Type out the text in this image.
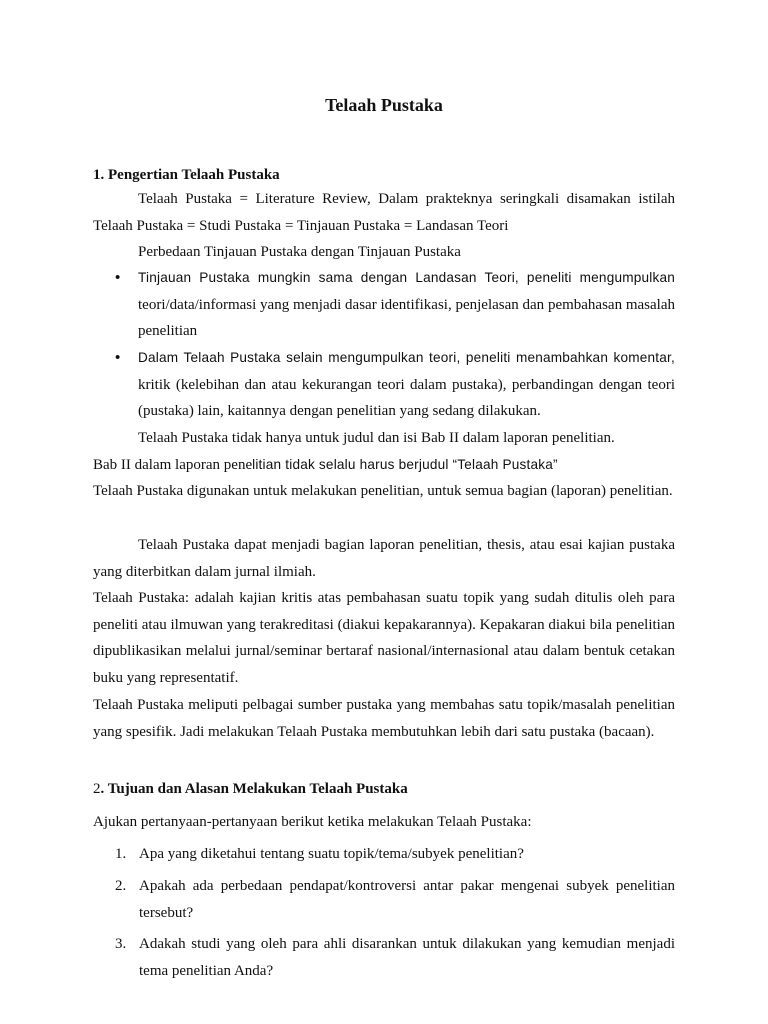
Telaah Pustaka
1. Pengertian Telaah Pustaka
Telaah Pustaka = Literature Review, Dalam prakteknya seringkali disamakan istilah Telaah Pustaka = Studi Pustaka = Tinjauan Pustaka = Landasan Teori
Perbedaan Tinjauan Pustaka dengan Tinjauan Pustaka
• Tinjauan Pustaka mungkin sama dengan Landasan Teori, peneliti mengumpulkan teori/data/informasi yang menjadi dasar identifikasi, penjelasan dan pembahasan masalah penelitian
• Dalam Telaah Pustaka selain mengumpulkan teori, peneliti menambahkan komentar, kritik (kelebihan dan atau kekurangan teori dalam pustaka), perbandingan dengan teori (pustaka) lain, kaitannya dengan penelitian yang sedang dilakukan.
Telaah Pustaka tidak hanya untuk judul dan isi Bab II dalam laporan penelitian.
Bab II dalam laporan penelitian tidak selalu harus berjudul “Telaah Pustaka”
Telaah Pustaka digunakan untuk melakukan penelitian, untuk semua bagian (laporan) penelitian.
Telaah Pustaka dapat menjadi bagian laporan penelitian, thesis, atau esai kajian pustaka yang diterbitkan dalam jurnal ilmiah.
Telaah Pustaka: adalah kajian kritis atas pembahasan suatu topik yang sudah ditulis oleh para peneliti atau ilmuwan yang terakreditasi (diakui kepakarannya). Kepakaran diakui bila penelitian dipublikasikan melalui jurnal/seminar bertaraf nasional/internasional atau dalam bentuk cetakan buku yang representatif.
Telaah Pustaka meliputi pelbagai sumber pustaka yang membahas satu topik/masalah penelitian yang spesifik. Jadi melakukan Telaah Pustaka membutuhkan lebih dari satu pustaka (bacaan).
2. Tujuan dan Alasan Melakukan Telaah Pustaka
Ajukan pertanyaan-pertanyaan berikut ketika melakukan Telaah Pustaka:
1. Apa yang diketahui tentang suatu topik/tema/subyek penelitian?
2. Apakah ada perbedaan pendapat/kontroversi antar pakar mengenai subyek penelitian tersebut?
3. Adakah studi yang oleh para ahli disarankan untuk dilakukan yang kemudian menjadi tema penelitian Anda?
